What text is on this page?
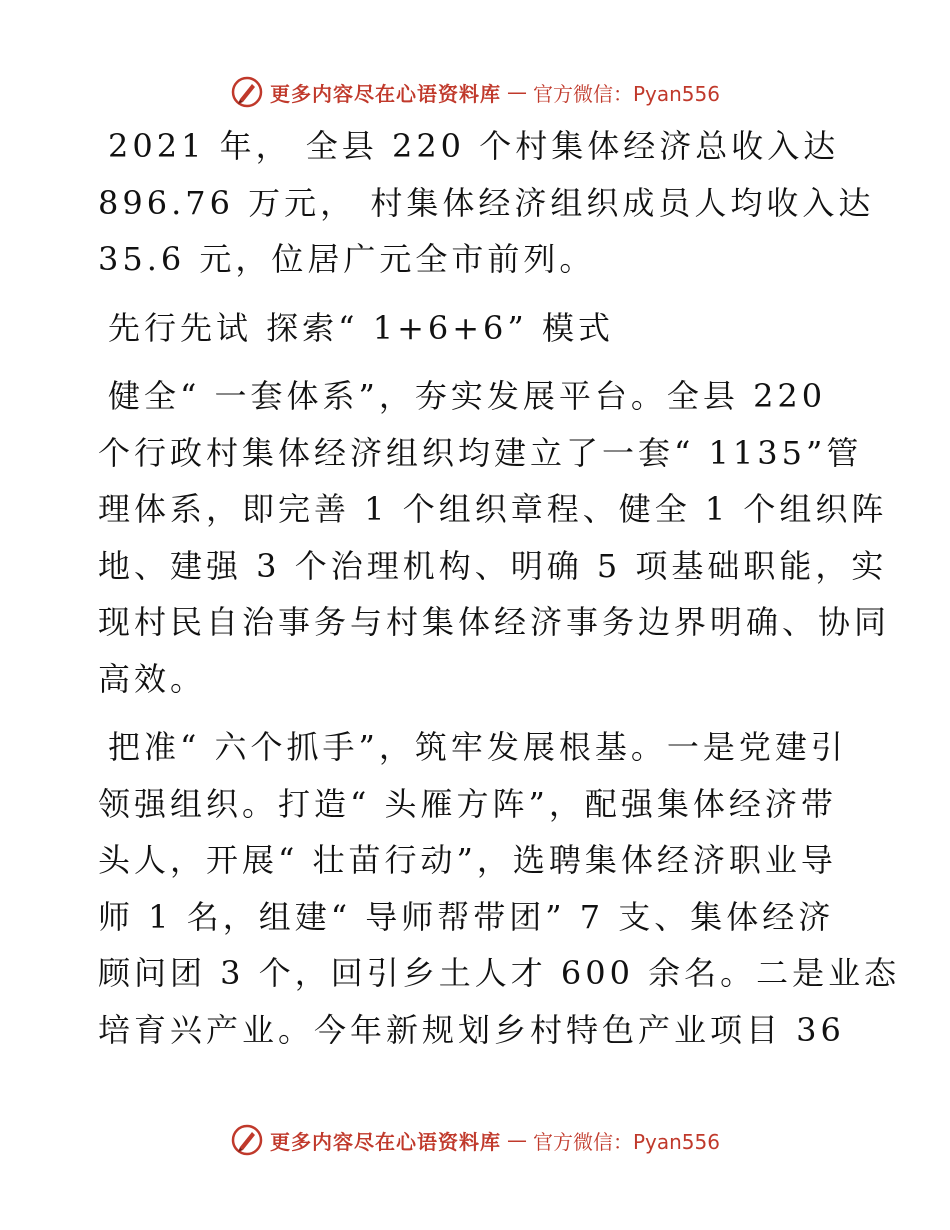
更多内容尽在心语资料库 — 官方微信：Pyan556

2021 年， 全县 220 个村集体经济总收入达
896.76 万元， 村集体经济组织成员人均收入达
35.6 元，位居广元全市前列。

先行先试 探索“ 1+6+6” 模式

健全“ 一套体系”，夯实发展平台。全县 220
个行政村集体经济组织均建立了一套“ 1135”管
理体系，即完善 1 个组织章程、健全 1 个组织阵
地、建强 3 个治理机构、明确 5 项基础职能，实
现村民自治事务与村集体经济事务边界明确、协同
高效。

把准“ 六个抓手”，筑牢发展根基。一是党建引
领强组织。打造“ 头雁方阵”，配强集体经济带
头人，开展“ 壮苗行动”，选聘集体经济职业导
师 1 名，组建“ 导师帮带团” 7 支、集体经济
顾问团 3 个，回引乡土人才 600 余名。二是业态
培育兴产业。今年新规划乡村特色产业项目 36

更多内容尽在心语资料库 — 官方微信：Pyan556
